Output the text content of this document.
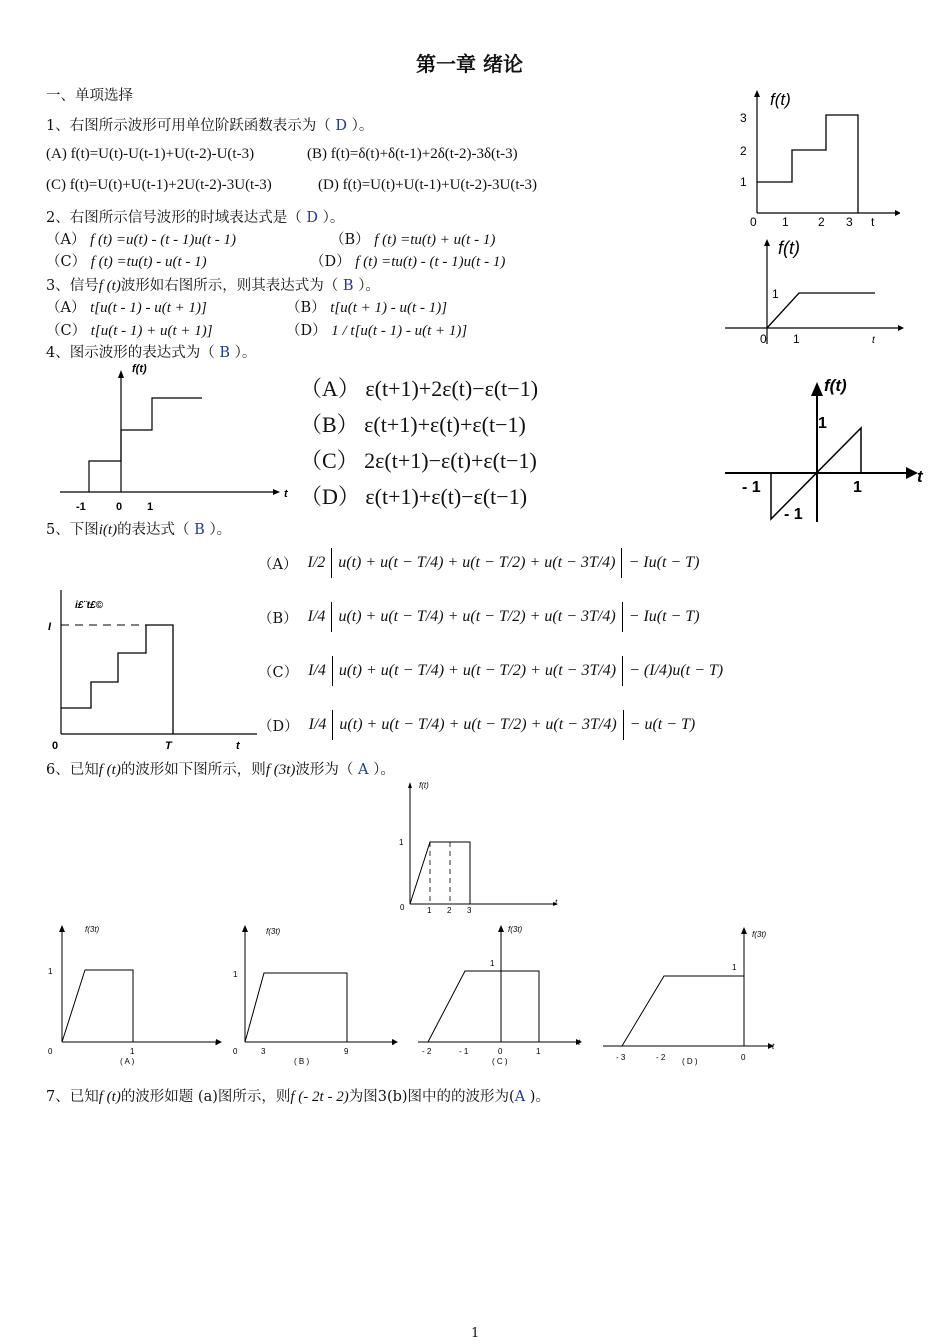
第一章 绪论
一、单项选择
1、右图所示波形可用单位阶跃函数表示为（ D ）。
(A) f(t)=U(t)-U(t-1)+U(t-2)-U(t-3)	(B) f(t)=δ(t)+δ(t-1)+2δ(t-2)-3δ(t-3)
(C) f(t)=U(t)+U(t-1)+2U(t-2)-3U(t-3)	(D) f(t)=U(t)+U(t-1)+U(t-2)-3U(t-3)
f(t)
1
2
3
0 1 2 3 t
2、右图所示信号波形的时域表达式是（ D ）。
（A） f (t) =u(t) - (t - 1)u(t - 1)	（B） f (t) =tu(t) + u(t - 1)
（C） f (t) =tu(t) - u(t - 1)	（D） f (t) =tu(t) - (t - 1)u(t - 1)
f(t)
1
0 1	t
3、信号f (t)波形如右图所示，则其表达式为（ B ）。
（A） t[u(t - 1) - u(t + 1)]	（B） t[u(t + 1) - u(t - 1)]
（C） t[u(t - 1) + u(t + 1)]	（D） 1 / t[u(t - 1) - u(t + 1)]
f(t)
1
- 1	1
- 1
t
4、图示波形的表达式为（ B ）。
f(t)
-1	0 1
t
（A） ε(t+1)+2ε(t)−ε(t−1)
（B） ε(t+1)+ε(t)+ε(t−1)
（C） 2ε(t+1)−ε(t)+ε(t−1)
（D） ε(t+1)+ε(t)−ε(t−1)
5、下图i(t)的表达式（ B ）。
i£¨t£©
I
0	T	t
（A） I/2 u(t) + u(t − T/4) + u(t − T/2) + u(t − 3T/4) − Iu(t − T)
（B） I/4 u(t) + u(t − T/4) + u(t − T/2) + u(t − 3T/4) − Iu(t − T)
（C） I/4 u(t) + u(t − T/4) + u(t − T/2) + u(t − 3T/4) − (I/4)u(t − T)
（D） I/4 u(t) + u(t − T/4) + u(t − T/2) + u(t − 3T/4) − u(t − T)
6、已知f (t)的波形如下图所示，则f (3t)波形为（ A ）。
f(t)
1
0	1 2 3
t
f(3t)
1
0	1
t
( A )
f(3t)
1
0	3	9
t
( B )
f(3t)
1
- 2	- 1	0	1
t
( C )
f(3t)
1
- 3	- 2	0
t
( D )
7、已知f (t)的波形如题 (a)图所示，则f (- 2t - 2)为图3(b)图中的的波形为(A )。
1
